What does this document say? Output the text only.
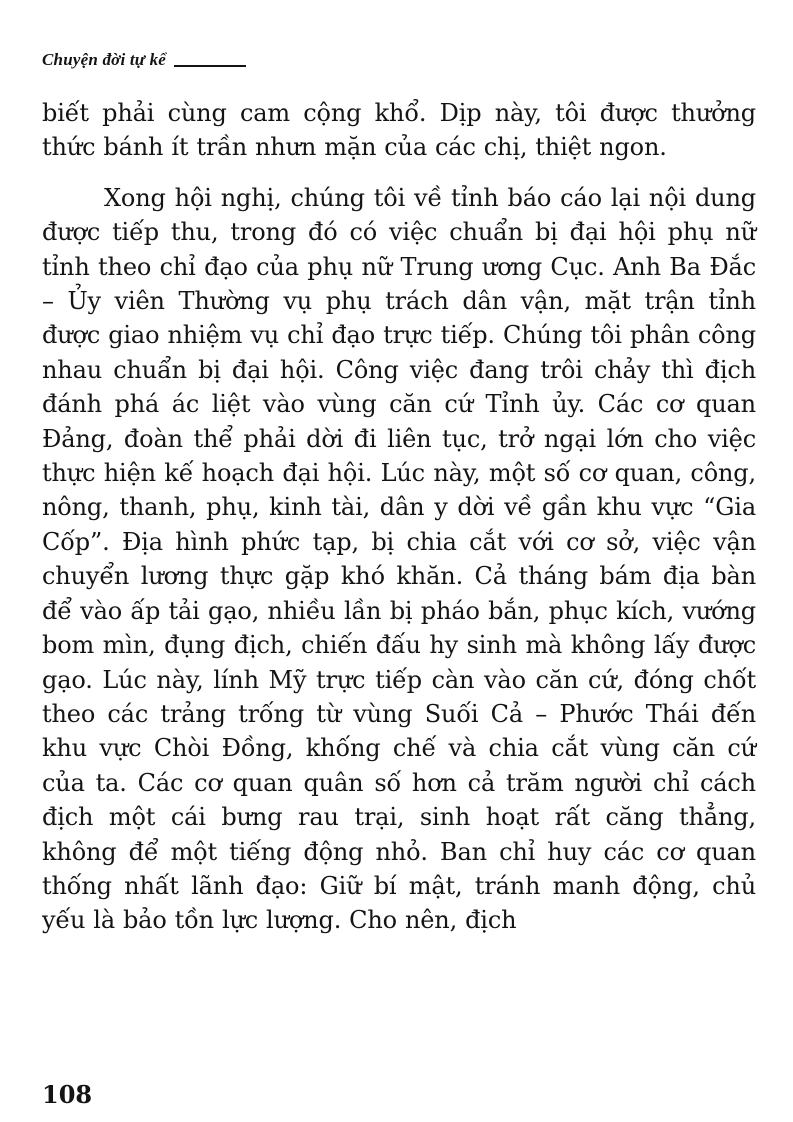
Chuyện đời tự kể

biết phải cùng cam cộng khổ. Dịp này, tôi được thưởng thức bánh ít trần nhưn mặn của các chị, thiệt ngon.

Xong hội nghị, chúng tôi về tỉnh báo cáo lại nội dung được tiếp thu, trong đó có việc chuẩn bị đại hội phụ nữ tỉnh theo chỉ đạo của phụ nữ Trung ương Cục. Anh Ba Đắc – Ủy viên Thường vụ phụ trách dân vận, mặt trận tỉnh được giao nhiệm vụ chỉ đạo trực tiếp. Chúng tôi phân công nhau chuẩn bị đại hội. Công việc đang trôi chảy thì địch đánh phá ác liệt vào vùng căn cứ Tỉnh ủy. Các cơ quan Đảng, đoàn thể phải dời đi liên tục, trở ngại lớn cho việc thực hiện kế hoạch đại hội. Lúc này, một số cơ quan, công, nông, thanh, phụ, kinh tài, dân y dời về gần khu vực “Gia Cốp”. Địa hình phức tạp, bị chia cắt với cơ sở, việc vận chuyển lương thực gặp khó khăn. Cả tháng bám địa bàn để vào ấp tải gạo, nhiều lần bị pháo bắn, phục kích, vướng bom mìn, đụng địch, chiến đấu hy sinh mà không lấy được gạo. Lúc này, lính Mỹ trực tiếp càn vào căn cứ, đóng chốt theo các trảng trống từ vùng Suối Cả – Phước Thái đến khu vực Chòi Đồng, khống chế và chia cắt vùng căn cứ của ta. Các cơ quan quân số hơn cả trăm người chỉ cách địch một cái bưng rau trại, sinh hoạt rất căng thẳng, không để một tiếng động nhỏ. Ban chỉ huy các cơ quan thống nhất lãnh đạo: Giữ bí mật, tránh manh động, chủ yếu là bảo tồn lực lượng. Cho nên, địch

108
